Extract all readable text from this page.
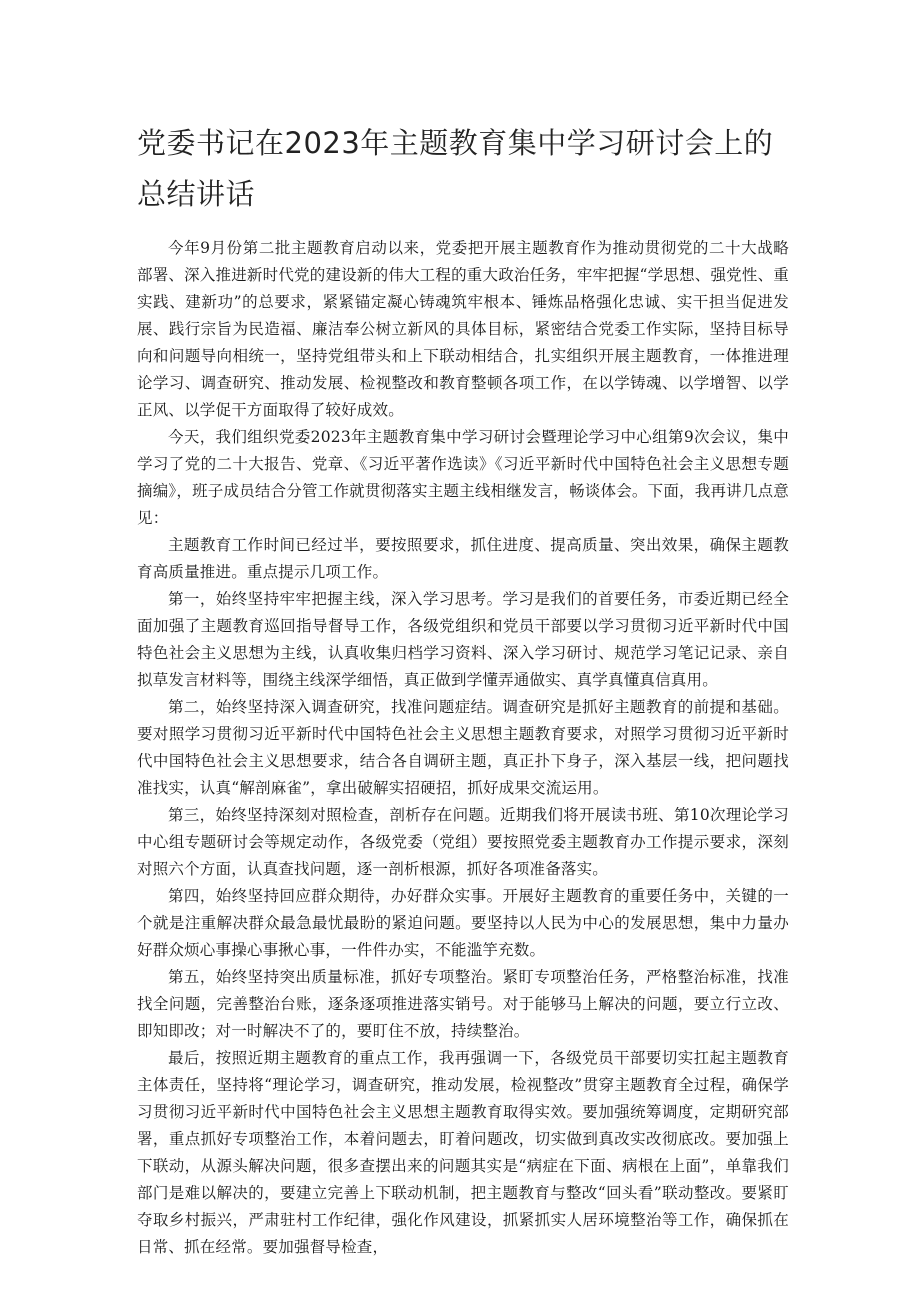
党委书记在2023年主题教育集中学习研讨会上的总结讲话

今年9月份第二批主题教育启动以来，党委把开展主题教育作为推动贯彻党的二十大战略部署、深入推进新时代党的建设新的伟大工程的重大政治任务，牢牢把握“学思想、强党性、重实践、建新功”的总要求，紧紧锚定凝心铸魂筑牢根本、锤炼品格强化忠诚、实干担当促进发展、践行宗旨为民造福、廉洁奉公树立新风的具体目标，紧密结合党委工作实际，坚持目标导向和问题导向相统一，坚持党组带头和上下联动相结合，扎实组织开展主题教育，一体推进理论学习、调查研究、推动发展、检视整改和教育整顿各项工作，在以学铸魂、以学增智、以学正风、以学促干方面取得了较好成效。

今天，我们组织党委2023年主题教育集中学习研讨会暨理论学习中心组第9次会议，集中学习了党的二十大报告、党章、《习近平著作选读》《习近平新时代中国特色社会主义思想专题摘编》，班子成员结合分管工作就贯彻落实主题主线相继发言，畅谈体会。下面，我再讲几点意见：

主题教育工作时间已经过半，要按照要求，抓住进度、提高质量、突出效果，确保主题教育高质量推进。重点提示几项工作。

第一，始终坚持牢牢把握主线，深入学习思考。学习是我们的首要任务，市委近期已经全面加强了主题教育巡回指导督导工作，各级党组织和党员干部要以学习贯彻习近平新时代中国特色社会主义思想为主线，认真收集归档学习资料、深入学习研讨、规范学习笔记记录、亲自拟草发言材料等，围绕主线深学细悟，真正做到学懂弄通做实、真学真懂真信真用。

第二，始终坚持深入调查研究，找准问题症结。调查研究是抓好主题教育的前提和基础。要对照学习贯彻习近平新时代中国特色社会主义思想主题教育要求，对照学习贯彻习近平新时代中国特色社会主义思想要求，结合各自调研主题，真正扑下身子，深入基层一线，把问题找准找实，认真“解剖麻雀”，拿出破解实招硬招，抓好成果交流运用。

第三，始终坚持深刻对照检查，剖析存在问题。近期我们将开展读书班、第10次理论学习中心组专题研讨会等规定动作，各级党委（党组）要按照党委主题教育办工作提示要求，深刻对照六个方面，认真查找问题，逐一剖析根源，抓好各项准备落实。

第四，始终坚持回应群众期待，办好群众实事。开展好主题教育的重要任务中，关键的一个就是注重解决群众最急最忧最盼的紧迫问题。要坚持以人民为中心的发展思想，集中力量办好群众烦心事操心事揪心事，一件件办实，不能滥竽充数。

第五，始终坚持突出质量标准，抓好专项整治。紧盯专项整治任务，严格整治标准，找准找全问题，完善整治台账，逐条逐项推进落实销号。对于能够马上解决的问题，要立行立改、即知即改；对一时解决不了的，要盯住不放，持续整治。

最后，按照近期主题教育的重点工作，我再强调一下，各级党员干部要切实扛起主题教育主体责任，坚持将“理论学习，调查研究，推动发展，检视整改”贯穿主题教育全过程，确保学习贯彻习近平新时代中国特色社会主义思想主题教育取得实效。要加强统筹调度，定期研究部署，重点抓好专项整治工作，本着问题去，盯着问题改，切实做到真改实改彻底改。要加强上下联动，从源头解决问题，很多查摆出来的问题其实是“病症在下面、病根在上面”，单靠我们部门是难以解决的，要建立完善上下联动机制，把主题教育与整改“回头看”联动整改。要紧盯夺取乡村振兴，严肃驻村工作纪律，强化作风建设，抓紧抓实人居环境整治等工作，确保抓在日常、抓在经常。要加强督导检查，
